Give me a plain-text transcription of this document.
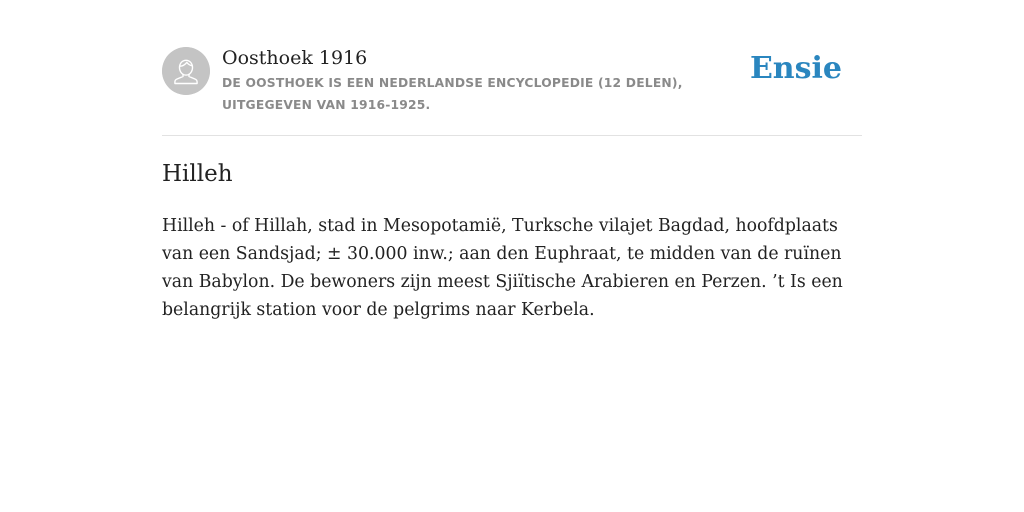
Oosthoek 1916
DE OOSTHOEK IS EEN NEDERLANDSE ENCYCLOPEDIE (12 DELEN), UITGEGEVEN VAN 1916-1925.
Ensie
Hilleh

Hilleh - of Hillah, stad in Mesopotamië, Turksche vilajet Bagdad, hoofdplaats van een Sandsjad; ± 30.000 inw.; aan den Euphraat, te midden van de ruïnen van Babylon. De bewoners zijn meest Sjiïtische Arabieren en Perzen. ’t Is een belangrijk station voor de pelgrims naar Kerbela.
